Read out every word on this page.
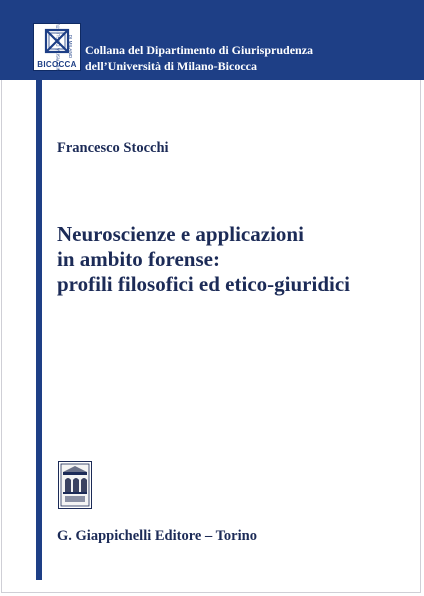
UNIVERSITÀ DEGLI STUDI DI MILANO
BICOCCA
Collana del Dipartimento di Giurisprudenza
dell’Università di Milano-Bicocca
Francesco Stocchi
Neuroscienze e applicazioni
in ambito forense:
profili filosofici ed etico-giuridici
G. Giappichelli Editore – Torino
